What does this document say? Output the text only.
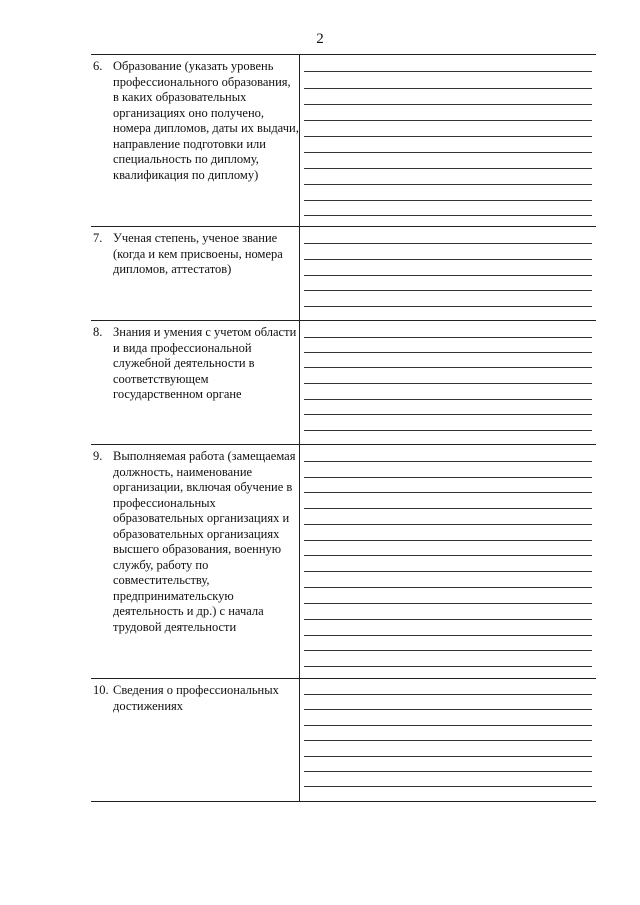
2
6. Образование (указать уровень профессионального образования, в каких образовательных организациях оно получено, номера дипломов, даты их выдачи, направление подготовки или специальность по диплому, квалификация по диплому)
7. Ученая степень, ученое звание (когда и кем присвоены, номера дипломов, аттестатов)
8. Знания и умения с учетом области и вида профессиональной служебной деятельности в соответствующем государственном органе
9. Выполняемая работа (замещаемая должность, наименование организации, включая обучение в профессиональных образовательных организациях и образовательных организациях высшего образования, военную службу, работу по совместительству, предпринимательскую деятельность и др.) с начала трудовой деятельности
10. Сведения о профессиональных достижениях
